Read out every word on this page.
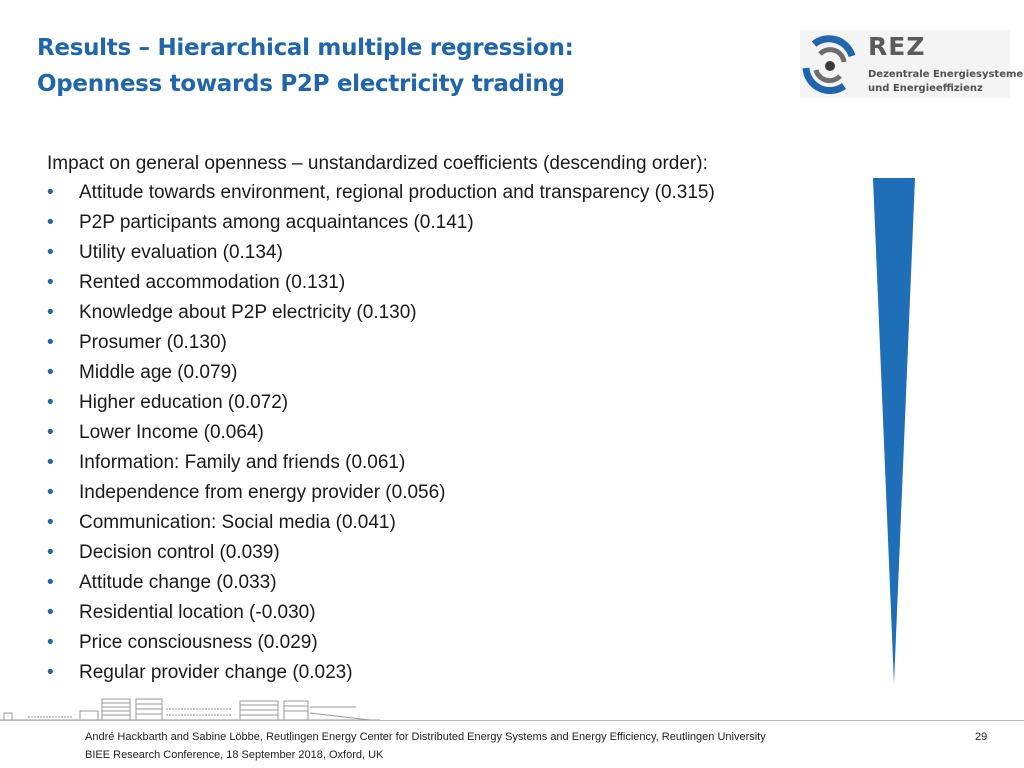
Results – Hierarchical multiple regression:
Openness towards P2P electricity trading
REZ
Dezentrale Energiesysteme
und Energieeffizienz
Impact on general openness – unstandardized coefficients (descending order):
• Attitude towards environment, regional production and transparency (0.315)
• P2P participants among acquaintances (0.141)
• Utility evaluation (0.134)
• Rented accommodation (0.131)
• Knowledge about P2P electricity (0.130)
• Prosumer (0.130)
• Middle age (0.079)
• Higher education (0.072)
• Lower Income (0.064)
• Information: Family and friends (0.061)
• Independence from energy provider (0.056)
• Communication: Social media (0.041)
• Decision control (0.039)
• Attitude change (0.033)
• Residential location (-0.030)
• Price consciousness (0.029)
• Regular provider change (0.023)
André Hackbarth and Sabine Löbbe, Reutlingen Energy Center for Distributed Energy Systems and Energy Efficiency, Reutlingen University
BIEE Research Conference, 18 September 2018, Oxford, UK
29
